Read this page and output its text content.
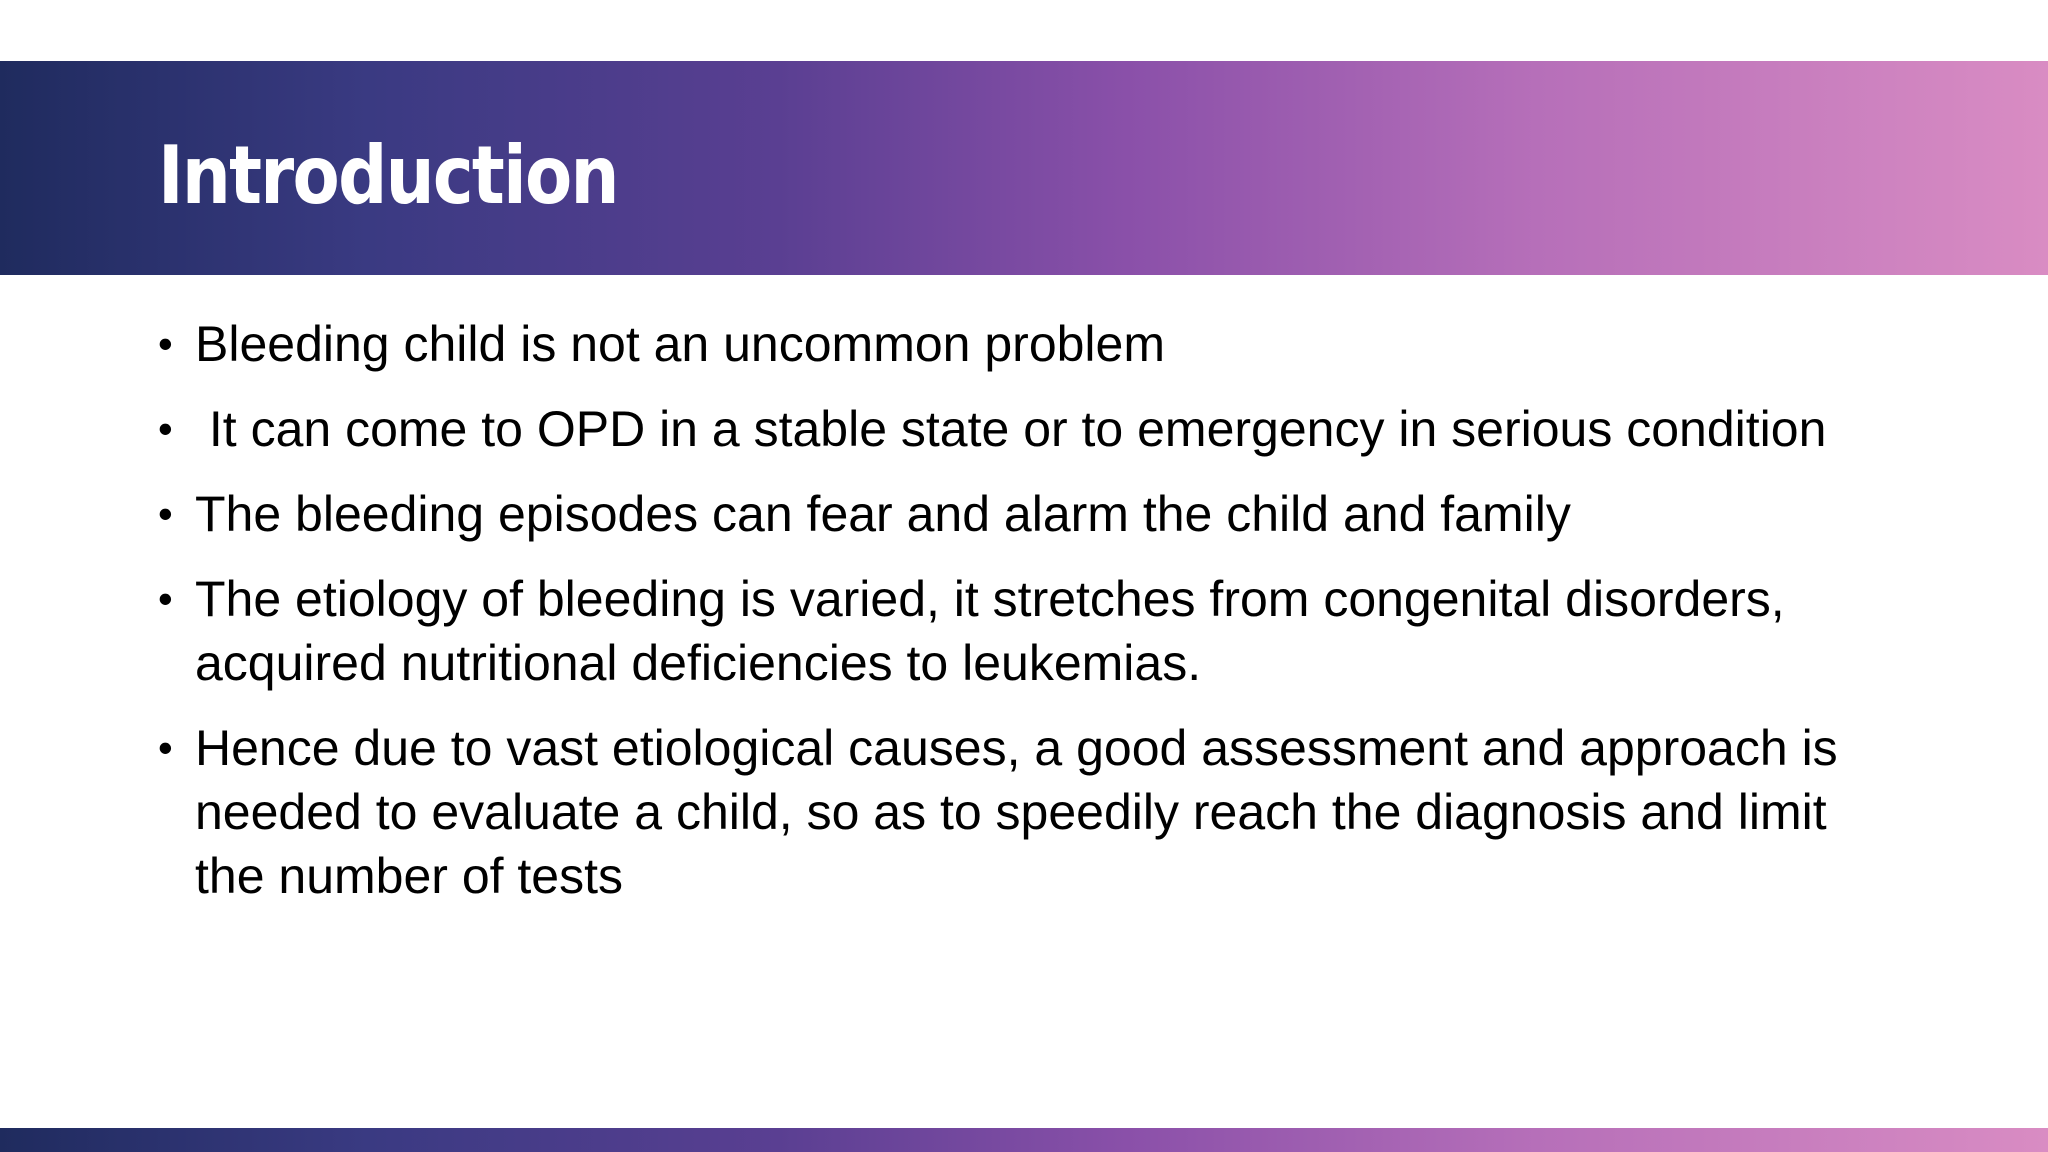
Introduction
• Bleeding child is not an uncommon problem
• It can come to OPD in a stable state or to emergency in serious condition
• The bleeding episodes can fear and alarm the child and family
• The etiology of bleeding is varied, it stretches from congenital disorders, acquired nutritional deficiencies to leukemias.
• Hence due to vast etiological causes, a good assessment and approach is needed to evaluate a child, so as to speedily reach the diagnosis and limit the number of tests
